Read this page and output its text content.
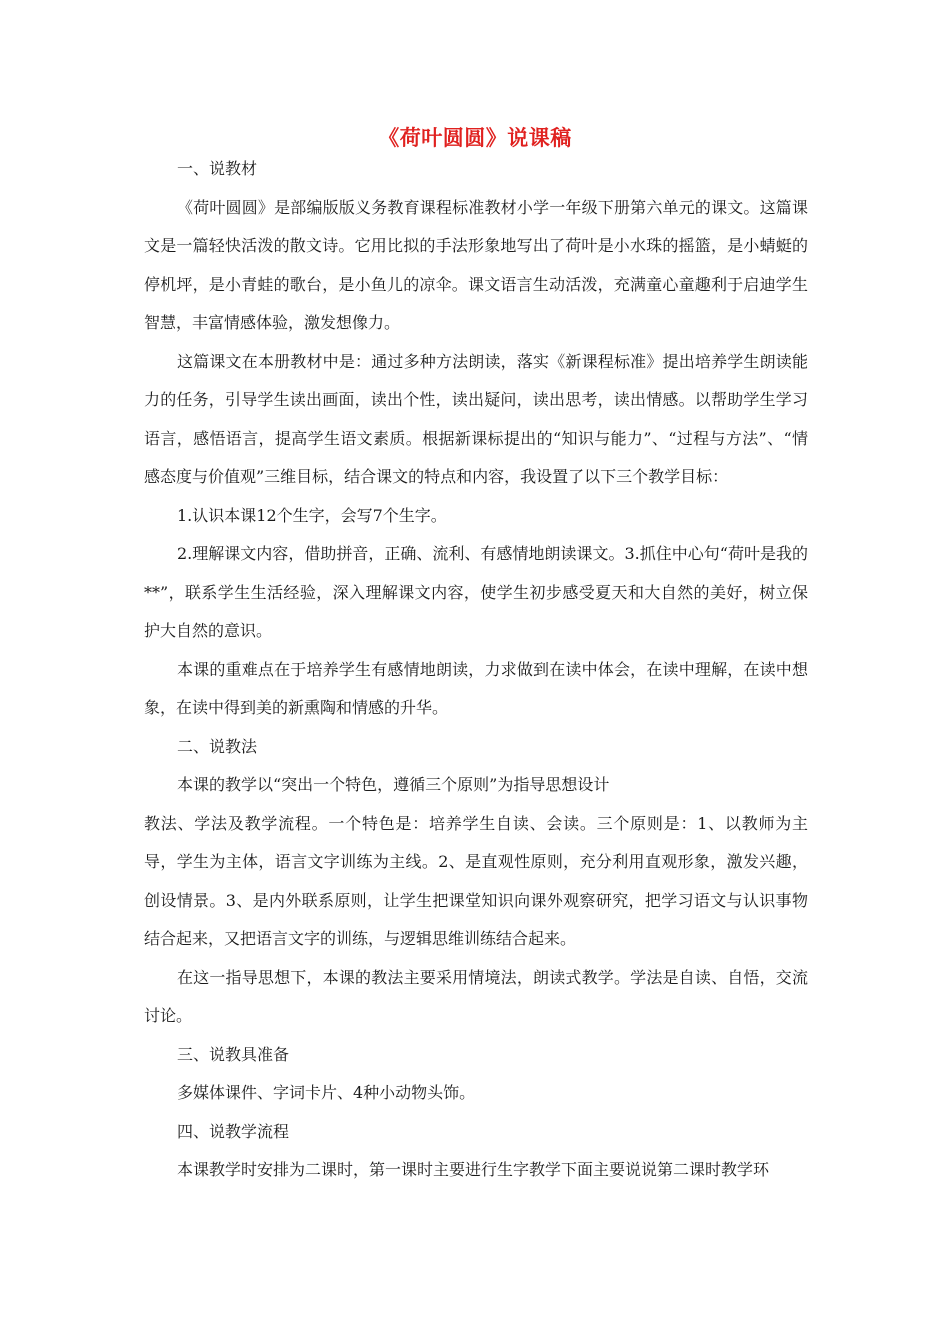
《荷叶圆圆》说课稿

一、说教材

《荷叶圆圆》是部编版版义务教育课程标准教材小学一年级下册第六单元的课文。这篇课文是一篇轻快活泼的散文诗。它用比拟的手法形象地写出了荷叶是小水珠的摇篮，是小蜻蜓的停机坪，是小青蛙的歌台，是小鱼儿的凉伞。课文语言生动活泼，充满童心童趣利于启迪学生智慧，丰富情感体验，激发想像力。

这篇课文在本册教材中是：通过多种方法朗读，落实《新课程标准》提出培养学生朗读能力的任务，引导学生读出画面，读出个性，读出疑问，读出思考，读出情感。以帮助学生学习语言，感悟语言，提高学生语文素质。根据新课标提出的“知识与能力”、“过程与方法”、“情感态度与价值观”三维目标，结合课文的特点和内容，我设置了以下三个教学目标：

1.认识本课12个生字，会写7个生字。

2.理解课文内容，借助拼音，正确、流利、有感情地朗读课文。3.抓住中心句“荷叶是我的**”，联系学生生活经验，深入理解课文内容，使学生初步感受夏天和大自然的美好，树立保护大自然的意识。

本课的重难点在于培养学生有感情地朗读，力求做到在读中体会，在读中理解，在读中想象，在读中得到美的新熏陶和情感的升华。

二、说教法

本课的教学以“突出一个特色，遵循三个原则”为指导思想设计

教法、学法及教学流程。一个特色是：培养学生自读、会读。三个原则是：1、以教师为主导，学生为主体，语言文字训练为主线。2、是直观性原则，充分利用直观形象，激发兴趣，创设情景。3、是内外联系原则，让学生把课堂知识向课外观察研究，把学习语文与认识事物结合起来，又把语言文字的训练，与逻辑思维训练结合起来。

在这一指导思想下，本课的教法主要采用情境法，朗读式教学。学法是自读、自悟，交流讨论。

三、说教具准备

多媒体课件、字词卡片、4种小动物头饰。

四、说教学流程

本课教学时安排为二课时，第一课时主要进行生字教学下面主要说说第二课时教学环
